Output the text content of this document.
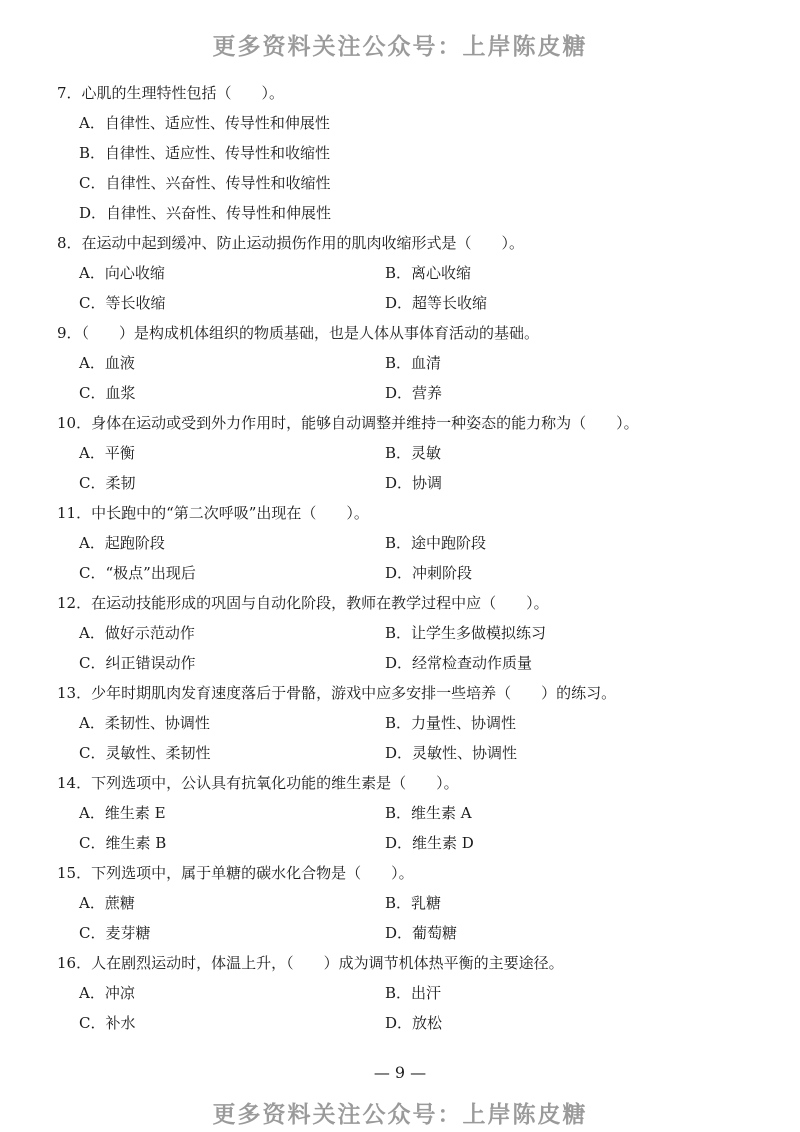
更多资料关注公众号：上岸陈皮糖
7．心肌的生理特性包括（　　）。
A．自律性、适应性、传导性和伸展性
B．自律性、适应性、传导性和收缩性
C．自律性、兴奋性、传导性和收缩性
D．自律性、兴奋性、传导性和伸展性
8．在运动中起到缓冲、防止运动损伤作用的肌肉收缩形式是（　　）。
A．向心收缩	B．离心收缩
C．等长收缩	D．超等长收缩
9．（　　）是构成机体组织的物质基础，也是人体从事体育活动的基础。
A．血液	B．血清
C．血浆	D．营养
10．身体在运动或受到外力作用时，能够自动调整并维持一种姿态的能力称为（　　）。
A．平衡	B．灵敏
C．柔韧	D．协调
11．中长跑中的“第二次呼吸”出现在（　　）。
A．起跑阶段	B．途中跑阶段
C．“极点”出现后	D．冲刺阶段
12．在运动技能形成的巩固与自动化阶段，教师在教学过程中应（　　）。
A．做好示范动作	B．让学生多做模拟练习
C．纠正错误动作	D．经常检查动作质量
13．少年时期肌肉发育速度落后于骨骼，游戏中应多安排一些培养（　　）的练习。
A．柔韧性、协调性	B．力量性、协调性
C．灵敏性、柔韧性	D．灵敏性、协调性
14．下列选项中，公认具有抗氧化功能的维生素是（　　）。
A．维生素 E	B．维生素 A
C．维生素 B	D．维生素 D
15．下列选项中，属于单糖的碳水化合物是（　　）。
A．蔗糖	B．乳糖
C．麦芽糖	D．葡萄糖
16．人在剧烈运动时，体温上升，（　　）成为调节机体热平衡的主要途径。
A．冲凉	B．出汗
C．补水	D．放松
— 9 —
更多资料关注公众号：上岸陈皮糖
